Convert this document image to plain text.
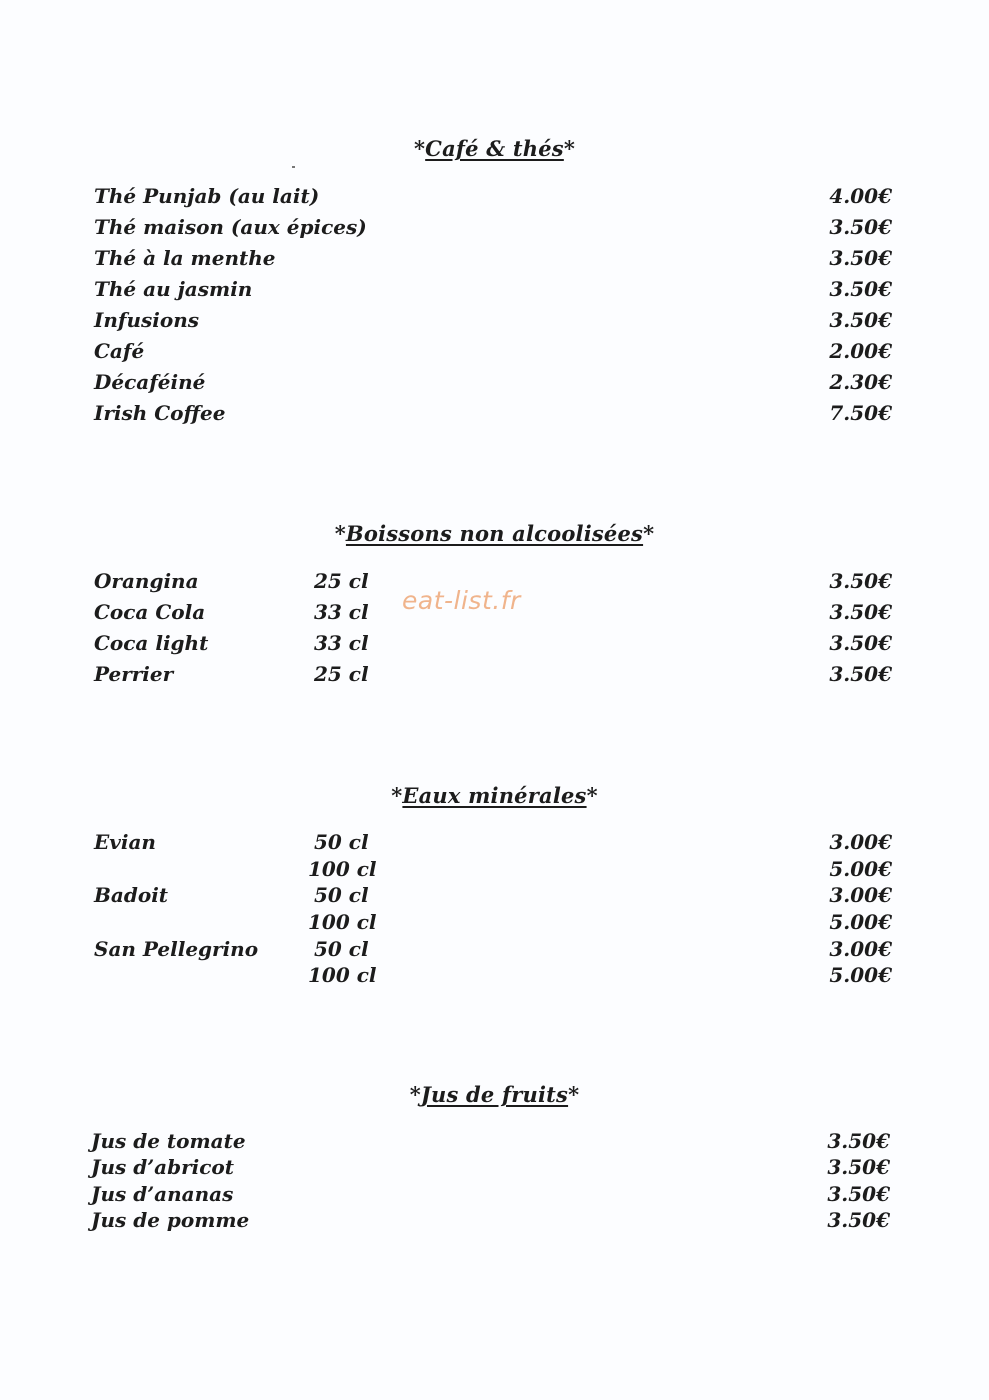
*Café & thés*
Thé Punjab (au lait)	4.00€
Thé maison (aux épices)	3.50€
Thé à la menthe	3.50€
Thé au jasmin	3.50€
Infusions	3.50€
Café	2.00€
Décaféiné	2.30€
Irish Coffee	7.50€
*Boissons non alcoolisées*
Orangina	25 cl	3.50€
Coca Cola	33 cl	3.50€
Coca light	33 cl	3.50€
Perrier	25 cl	3.50€
*Eaux minérales*
Evian	50 cl	3.00€
100 cl	5.00€
Badoit	50 cl	3.00€
100 cl	5.00€
San Pellegrino	50 cl	3.00€
100 cl	5.00€
*Jus de fruits*
Jus de tomate	3.50€
Jus d’abricot	3.50€
Jus d’ananas	3.50€
Jus de pomme	3.50€
eat-list.fr
